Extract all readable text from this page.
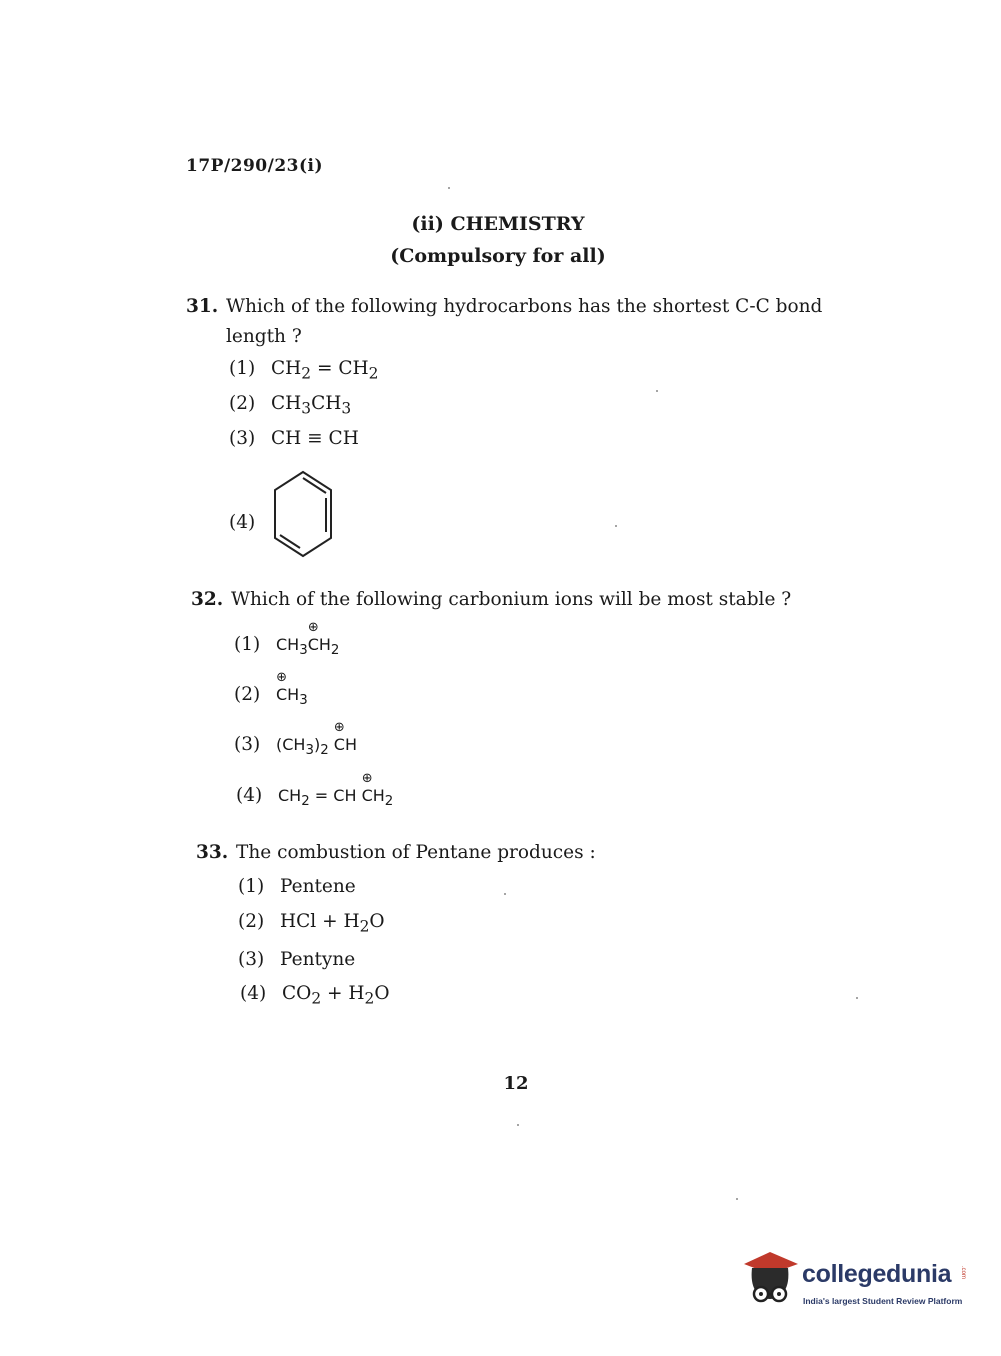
17P/290/23(i)
(ii) CHEMISTRY
(Compulsory for all)
31. Which of the following hydrocarbons has the shortest C-C bond
length ?
(1) $CH_2 = CH_2$
(2) $CH_3CH_3$
(3) CH ≡ CH
(4)
32. Which of the following carbonium ions will be most stable ?
(1) $CH_3\oplus$ $CH_2$
(2) ⊕ $CH_3$
(3) $(CH_3)_2$ ⊕ CH
(4) $CH_2$ = CH ⊕ $CH_2$
33. The combustion of Pentane produces :
(1) Pentene
(2) HCl + $H_2O$
(3) Pentyne
(4) $CO_2 + H_2O$
12
collegedunia .com
India's largest Student Review Platform
